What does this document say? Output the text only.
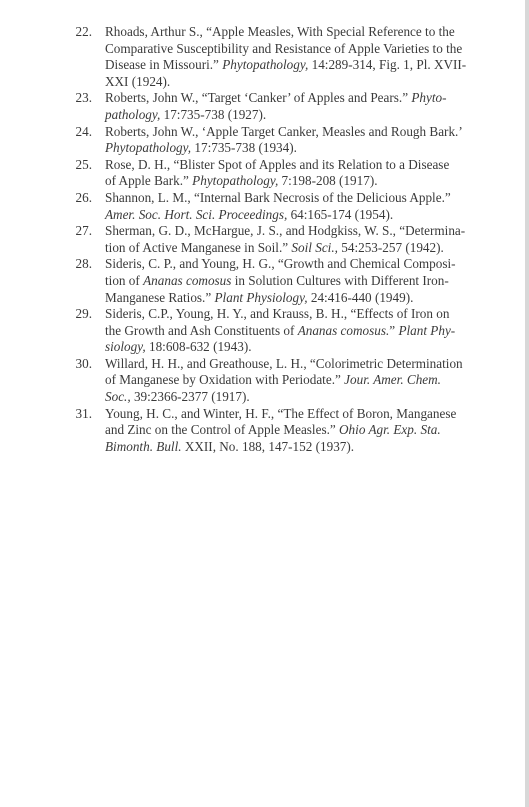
22. Rhoads, Arthur S., “Apple Measles, With Special Reference to the
Comparative Susceptibility and Resistance of Apple Varieties to the
Disease in Missouri.” Phytopathology, 14:289-314, Fig. 1, Pl. XVII-
XXI (1924).
23. Roberts, John W., “Target ‘Canker’ of Apples and Pears.” Phyto-
pathology, 17:735-738 (1927).
24. Roberts, John W., ‘Apple Target Canker, Measles and Rough Bark.’
Phytopathology, 17:735-738 (1934).
25. Rose, D. H., “Blister Spot of Apples and its Relation to a Disease
of Apple Bark.” Phytopathology, 7:198-208 (1917).
26. Shannon, L. M., “Internal Bark Necrosis of the Delicious Apple.”
Amer. Soc. Hort. Sci. Proceedings, 64:165-174 (1954).
27. Sherman, G. D., McHargue, J. S., and Hodgkiss, W. S., “Determina-
tion of Active Manganese in Soil.” Soil Sci., 54:253-257 (1942).
28. Sideris, C. P., and Young, H. G., “Growth and Chemical Composi-
tion of Ananas comosus in Solution Cultures with Different Iron-
Manganese Ratios.” Plant Physiology, 24:416-440 (1949).
29. Sideris, C.P., Young, H. Y., and Krauss, B. H., “Effects of Iron on
the Growth and Ash Constituents of Ananas comosus.” Plant Phy-
siology, 18:608-632 (1943).
30. Willard, H. H., and Greathouse, L. H., “Colorimetric Determination
of Manganese by Oxidation with Periodate.” Jour. Amer. Chem.
Soc., 39:2366-2377 (1917).
31. Young, H. C., and Winter, H. F., “The Effect of Boron, Manganese
and Zinc on the Control of Apple Measles.” Ohio Agr. Exp. Sta.
Bimonth. Bull. XXII, No. 188, 147-152 (1937).
